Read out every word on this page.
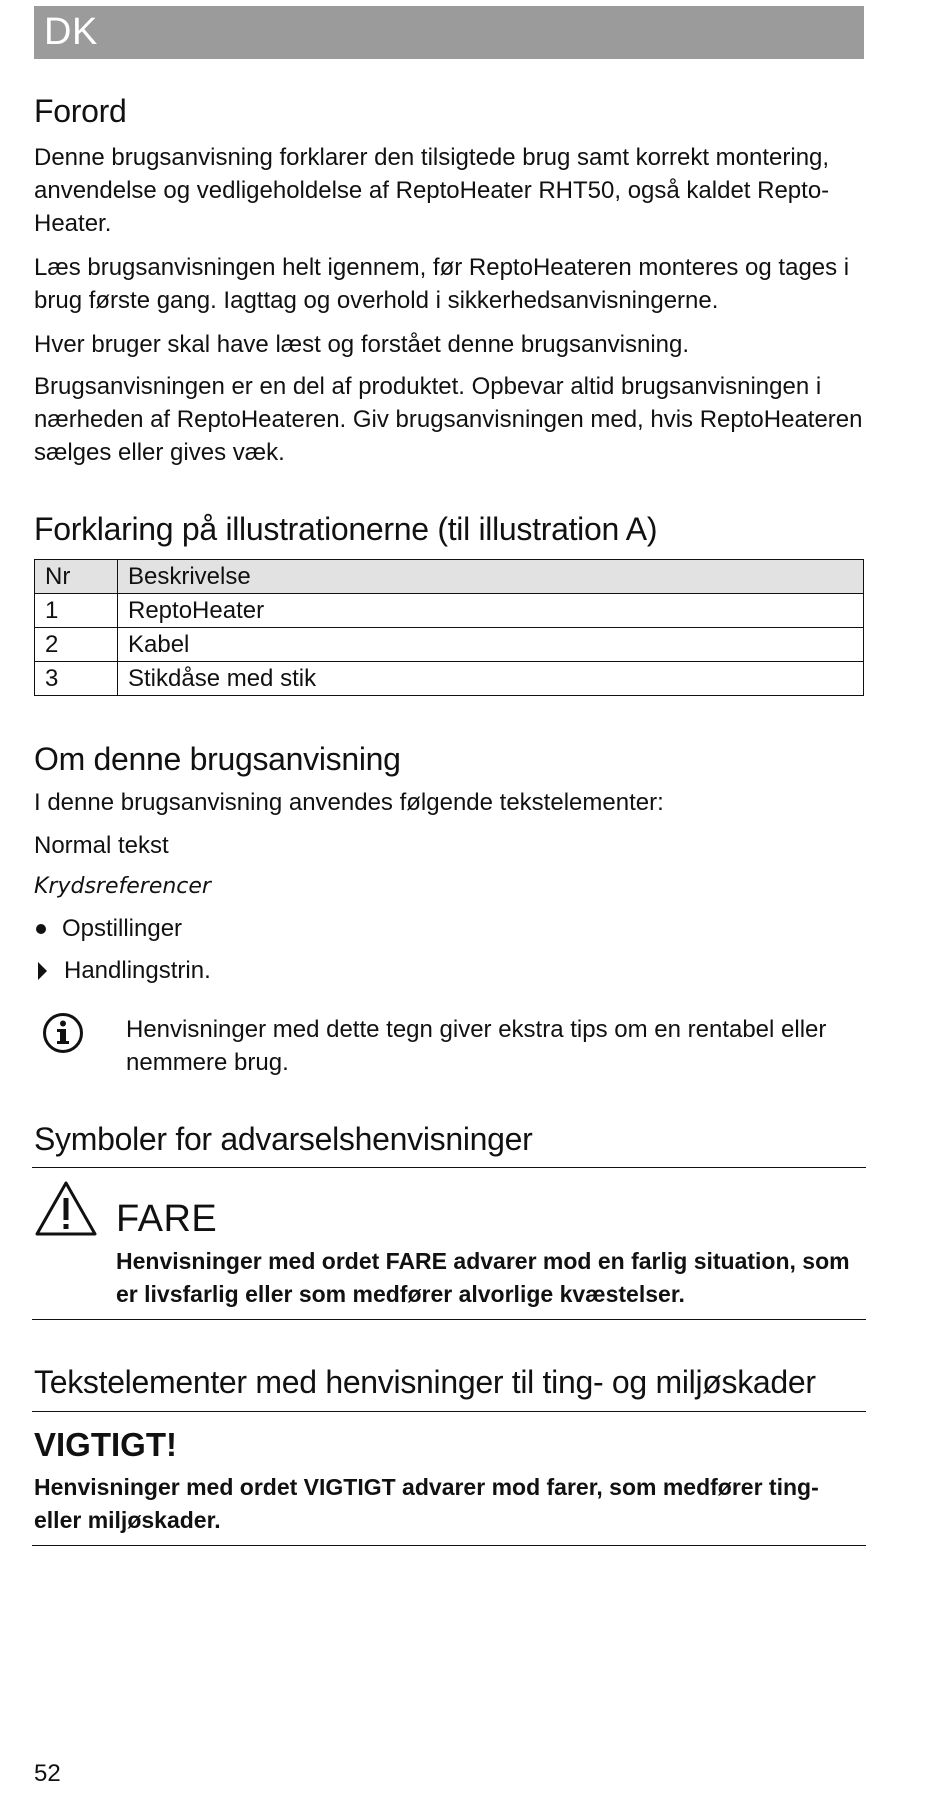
DK
Forord

Denne brugsanvisning forklarer den tilsigtede brug samt korrekt montering, anvendelse og vedligeholdelse af ReptoHeater RHT50, også kaldet Repto-Heater.

Læs brugsanvisningen helt igennem, før ReptoHeateren monteres og tages i brug første gang. Iagttag og overhold i sikkerhedsanvisningerne.

Hver bruger skal have læst og forstået denne brugsanvisning.

Brugsanvisningen er en del af produktet. Opbevar altid brugsanvisningen i nærheden af ReptoHeateren. Giv brugsanvisningen med, hvis ReptoHeateren sælges eller gives væk.

Forklaring på illustrationerne (til illustration A)
Nr	Beskrivelse
1	ReptoHeater
2	Kabel
3	Stikdåse med stik
Om denne brugsanvisning

I denne brugsanvisning anvendes følgende tekstelementer:

Normal tekst

Krydsreferencer

Opstillinger

Handlingstrin.

Henvisninger med dette tegn giver ekstra tips om en rentabel eller nemmere brug.

Symboler for advarselshenvisninger
FARE

Henvisninger med ordet FARE advarer mod en farlig situation, som er livsfarlig eller som medfører alvorlige kvæstelser.

Tekstelementer med henvisninger til ting- og miljøskader
VIGTIGT!

Henvisninger med ordet VIGTIGT advarer mod farer, som medfører ting- eller miljøskader.

52
